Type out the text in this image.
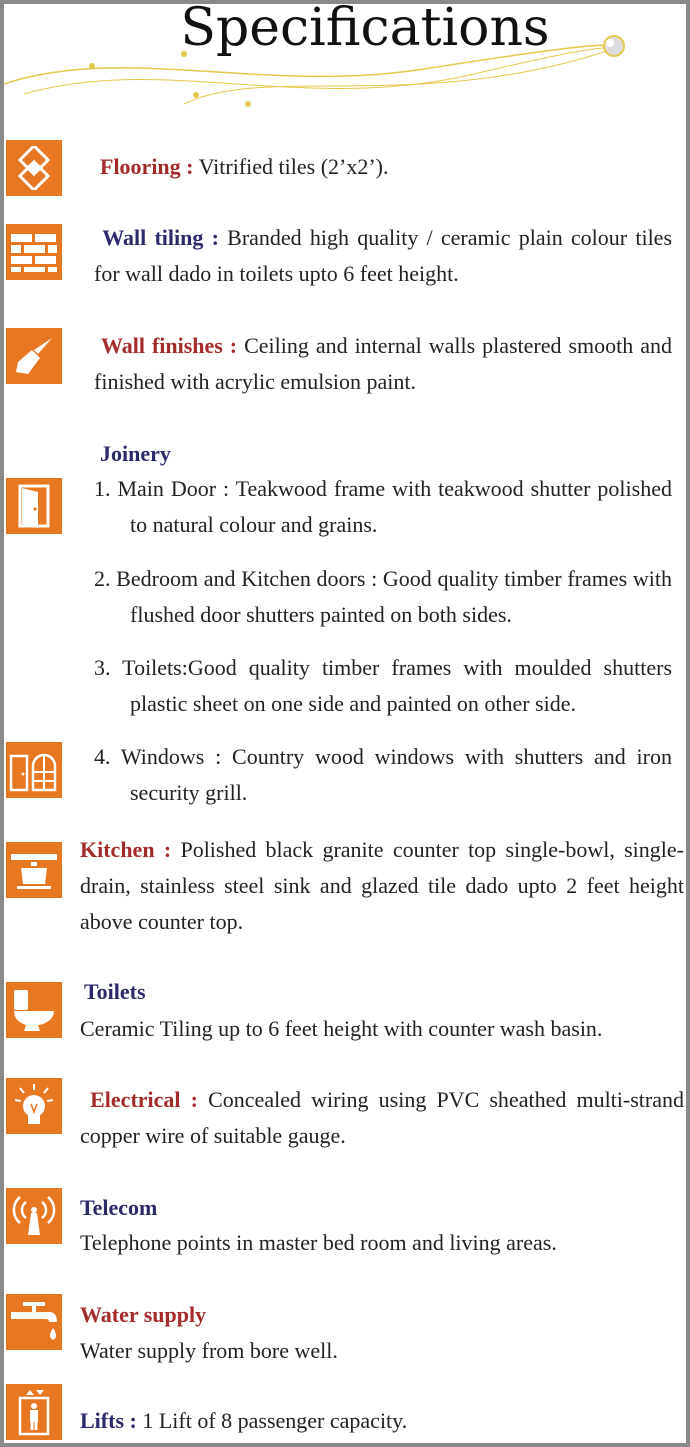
Specifications
Flooring : Vitrified tiles (2’x2’).
Wall tiling : Branded high quality / ceramic plain colour tiles for wall dado in toilets upto 6 feet height.
Wall finishes : Ceiling and internal walls plastered smooth and finished with acrylic emulsion paint.
Joinery
1. Main Door : Teakwood frame with teakwood shutter polished to natural colour and grains.
2. Bedroom and Kitchen doors : Good quality timber frames with flushed door shutters painted on both sides.
3. Toilets:Good quality timber frames with moulded shutters plastic sheet on one side and painted on other side.
4. Windows : Country wood windows with shutters and iron security grill.
Kitchen : Polished black granite counter top single-bowl, single-drain, stainless steel sink and glazed tile dado upto 2 feet height above counter top.
Toilets
Ceramic Tiling up to 6 feet height with counter wash basin.
Electrical : Concealed wiring using PVC sheathed multi-strand copper wire of suitable gauge.
Telecom
Telephone points in master bed room and living areas.
Water supply
Water supply from bore well.
Lifts : 1 Lift of 8 passenger capacity.
